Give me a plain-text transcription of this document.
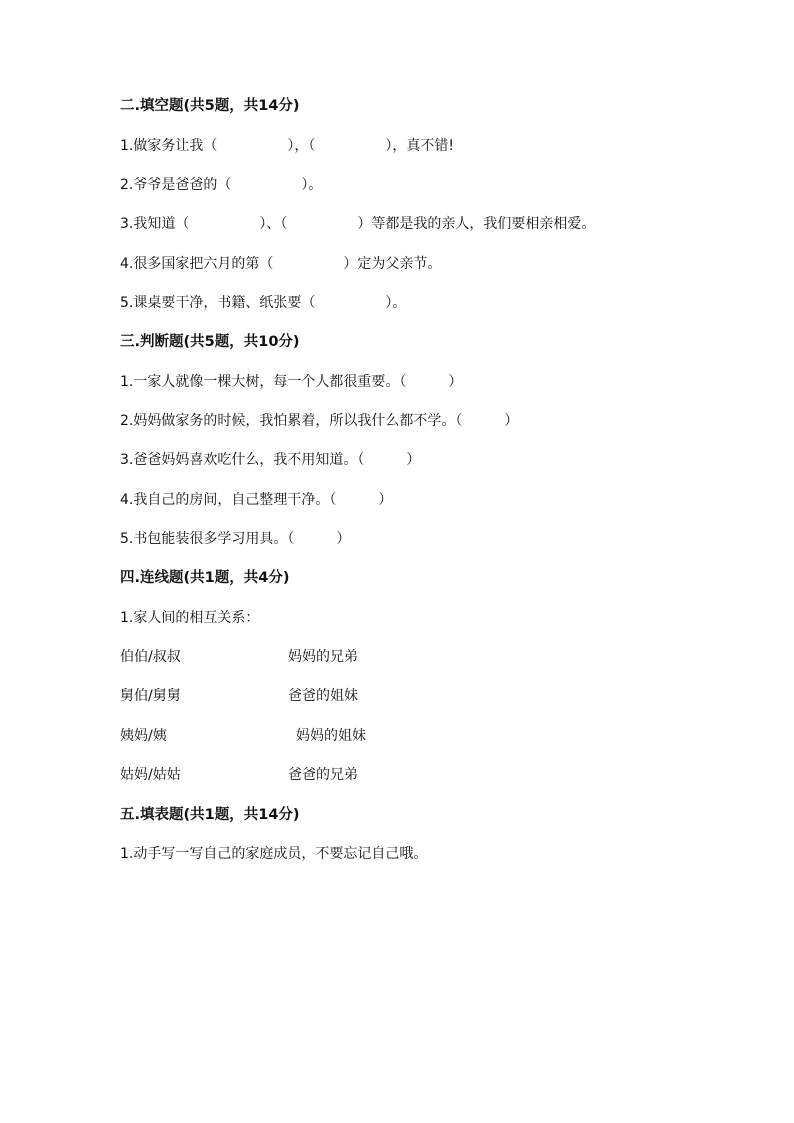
二.填空题(共5题，共14分)
1.做家务让我（　　　　　），（　　　　　），真不错!
2.爷爷是爸爸的（　　　　　）。
3.我知道（　　　　　）、（　　　　　）等都是我的亲人，我们要相亲相爱。
4.很多国家把六月的第（　　　　　）定为父亲节。
5.课桌要干净，书籍、纸张要（　　　　　）。
三.判断题(共5题，共10分)
1.一家人就像一棵大树，每一个人都很重要。（　　　）
2.妈妈做家务的时候，我怕累着，所以我什么都不学。（　　　）
3.爸爸妈妈喜欢吃什么，我不用知道。（　　　）
4.我自己的房间，自己整理干净。（　　　）
5.书包能装很多学习用具。（　　　）
四.连线题(共1题，共4分)
1.家人间的相互关系：
伯伯/叔叔	妈妈的兄弟
舅伯/舅舅	爸爸的姐妹
姨妈/姨	妈妈的姐妹
姑妈/姑姑	爸爸的兄弟
五.填表题(共1题，共14分)
1.动手写一写自己的家庭成员，不要忘记自己哦。
